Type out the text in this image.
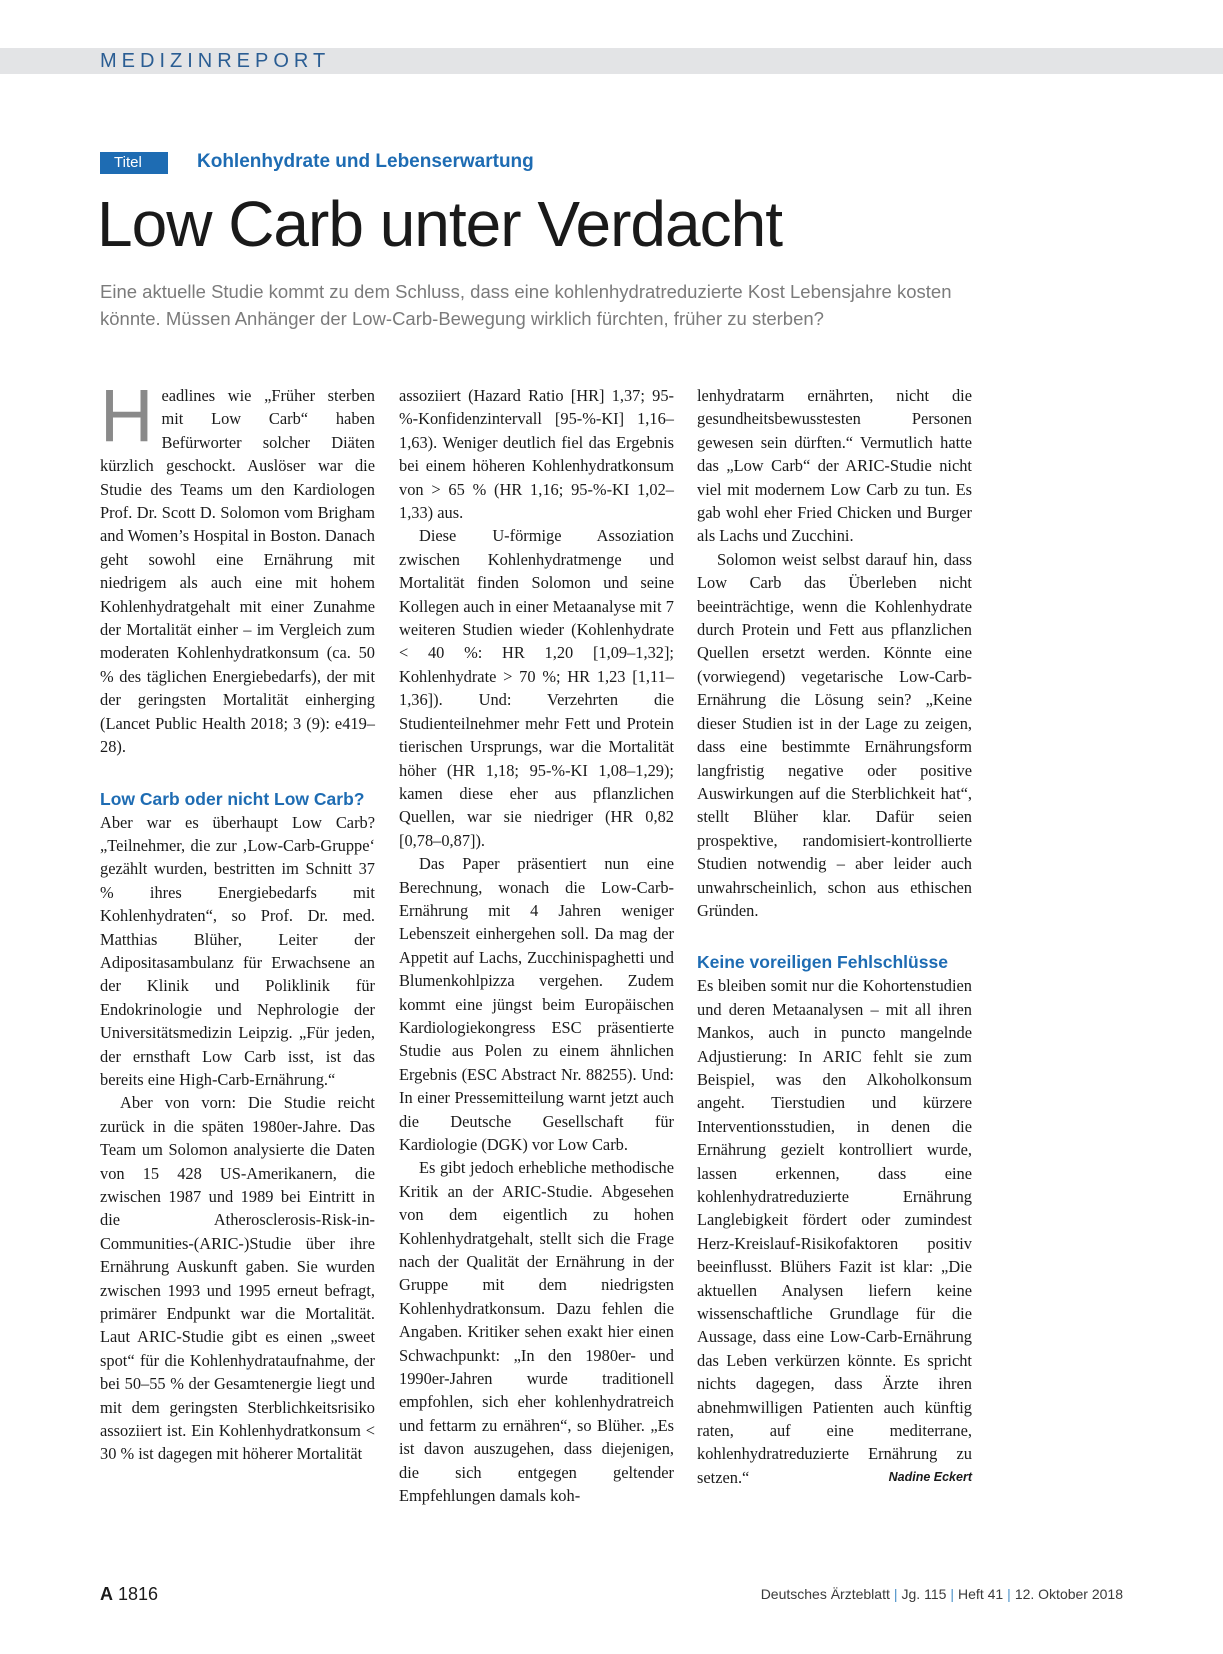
MEDIZINREPORT
Titel	Kohlenhydrate und Lebenserwartung
Low Carb unter Verdacht
Eine aktuelle Studie kommt zu dem Schluss, dass eine kohlenhydratreduzierte Kost Lebensjahre kosten könnte. Müssen Anhänger der Low-Carb-Bewegung wirklich fürchten, früher zu sterben?
H eadlines wie „Früher sterben mit Low Carb“ haben Befürworter solcher Diäten kürzlich geschockt. Auslöser war die Studie des Teams um den Kardiologen Prof. Dr. Scott D. Solomon vom Brigham and Women’s Hospital in Boston. Danach geht sowohl eine Ernährung mit niedrigem als auch eine mit hohem Kohlenhydratgehalt mit einer Zunahme der Mortalität einher – im Vergleich zum moderaten Kohlenhydratkonsum (ca. 50 % des täglichen Energiebedarfs), der mit der geringsten Mortalität einherging (Lancet Public Health 2018; 3 (9): e419–28).

Low Carb oder nicht Low Carb?

Aber war es überhaupt Low Carb? „Teilnehmer, die zur ‚Low-Carb-Gruppe‘ gezählt wurden, bestritten im Schnitt 37 % ihres Energiebedarfs mit Kohlenhydraten“, so Prof. Dr. med. Matthias Blüher, Leiter der Adipositasambulanz für Erwachsene an der Klinik und Poliklinik für Endokrinologie und Nephrologie der Universitätsmedizin Leipzig. „Für jeden, der ernsthaft Low Carb isst, ist das bereits eine High-Carb-Ernährung.“

Aber von vorn: Die Studie reicht zurück in die späten 1980er-Jahre. Das Team um Solomon analysierte die Daten von 15 428 US-Amerikanern, die zwischen 1987 und 1989 bei Eintritt in die Atherosclerosis-Risk-in-Communities-(ARIC-)Studie über ihre Ernährung Auskunft gaben. Sie wurden zwischen 1993 und 1995 erneut befragt, primärer Endpunkt war die Mortalität. Laut ARIC-Studie gibt es einen „sweet spot“ für die Kohlenhydrataufnahme, der bei 50–55 % der Gesamtenergie liegt und mit dem geringsten Sterblichkeitsrisiko assoziiert ist. Ein Kohlenhydratkonsum < 30 % ist dagegen mit höherer Mortalität

assoziiert (Hazard Ratio [HR] 1,37; 95-%-Konfidenzintervall [95-%-KI] 1,16–1,63). Weniger deutlich fiel das Ergebnis bei einem höheren Kohlenhydratkonsum von > 65 % (HR 1,16; 95-%-KI 1,02–1,33) aus.

Diese U-förmige Assoziation zwischen Kohlenhydratmenge und Mortalität finden Solomon und seine Kollegen auch in einer Metaanalyse mit 7 weiteren Studien wieder (Kohlenhydrate < 40 %: HR 1,20 [1,09–1,32]; Kohlenhydrate > 70 %; HR 1,23 [1,11–1,36]). Und: Verzehrten die Studienteilnehmer mehr Fett und Protein tierischen Ursprungs, war die Mortalität höher (HR 1,18; 95-%-KI 1,08–1,29); kamen diese eher aus pflanzlichen Quellen, war sie niedriger (HR 0,82 [0,78–0,87]).

Das Paper präsentiert nun eine Berechnung, wonach die Low-Carb-Ernährung mit 4 Jahren weniger Lebenszeit einhergehen soll. Da mag der Appetit auf Lachs, Zucchinispaghetti und Blumenkohlpizza vergehen. Zudem kommt eine jüngst beim Europäischen Kardiologiekongress ESC präsentierte Studie aus Polen zu einem ähnlichen Ergebnis (ESC Abstract Nr. 88255). Und: In einer Pressemitteilung warnt jetzt auch die Deutsche Gesellschaft für Kardiologie (DGK) vor Low Carb.

Es gibt jedoch erhebliche methodische Kritik an der ARIC-Studie. Abgesehen von dem eigentlich zu hohen Kohlenhydratgehalt, stellt sich die Frage nach der Qualität der Ernährung in der Gruppe mit dem niedrigsten Kohlenhydratkonsum. Dazu fehlen die Angaben. Kritiker sehen exakt hier einen Schwachpunkt: „In den 1980er- und 1990er-Jahren wurde traditionell empfohlen, sich eher kohlenhydratreich und fettarm zu ernähren“, so Blüher. „Es ist davon auszugehen, dass diejenigen, die sich entgegen geltender Empfehlungen damals koh-

lenhydratarm ernährten, nicht die gesundheitsbewusstesten Personen gewesen sein dürften.“ Vermutlich hatte das „Low Carb“ der ARIC-Studie nicht viel mit modernem Low Carb zu tun. Es gab wohl eher Fried Chicken und Burger als Lachs und Zucchini.

Solomon weist selbst darauf hin, dass Low Carb das Überleben nicht beeinträchtige, wenn die Kohlenhydrate durch Protein und Fett aus pflanzlichen Quellen ersetzt werden. Könnte eine (vorwiegend) vegetarische Low-Carb-Ernährung die Lösung sein? „Keine dieser Studien ist in der Lage zu zeigen, dass eine bestimmte Ernährungsform langfristig negative oder positive Auswirkungen auf die Sterblichkeit hat“, stellt Blüher klar. Dafür seien prospektive, randomisiert-kontrollierte Studien notwendig – aber leider auch unwahrscheinlich, schon aus ethischen Gründen.

Keine voreiligen Fehlschlüsse

Es bleiben somit nur die Kohortenstudien und deren Metaanalysen – mit all ihren Mankos, auch in puncto mangelnde Adjustierung: In ARIC fehlt sie zum Beispiel, was den Alkoholkonsum angeht. Tierstudien und kürzere Interventionsstudien, in denen die Ernährung gezielt kontrolliert wurde, lassen erkennen, dass eine kohlenhydratreduzierte Ernährung Langlebigkeit fördert oder zumindest Herz-Kreislauf-Risikofaktoren positiv beeinflusst. Blühers Fazit ist klar: „Die aktuellen Analysen liefern keine wissenschaftliche Grundlage für die Aussage, dass eine Low-Carb-Ernährung das Leben verkürzen könnte. Es spricht nichts dagegen, dass Ärzte ihren abnehmwilligen Patienten auch künftig raten, auf eine mediterrane, kohlenhydratreduzierte Ernährung zu setzen.“	Nadine Eckert

A 1816	Deutsches Ärzteblatt | Jg. 115 | Heft 41 | 12. Oktober 2018
